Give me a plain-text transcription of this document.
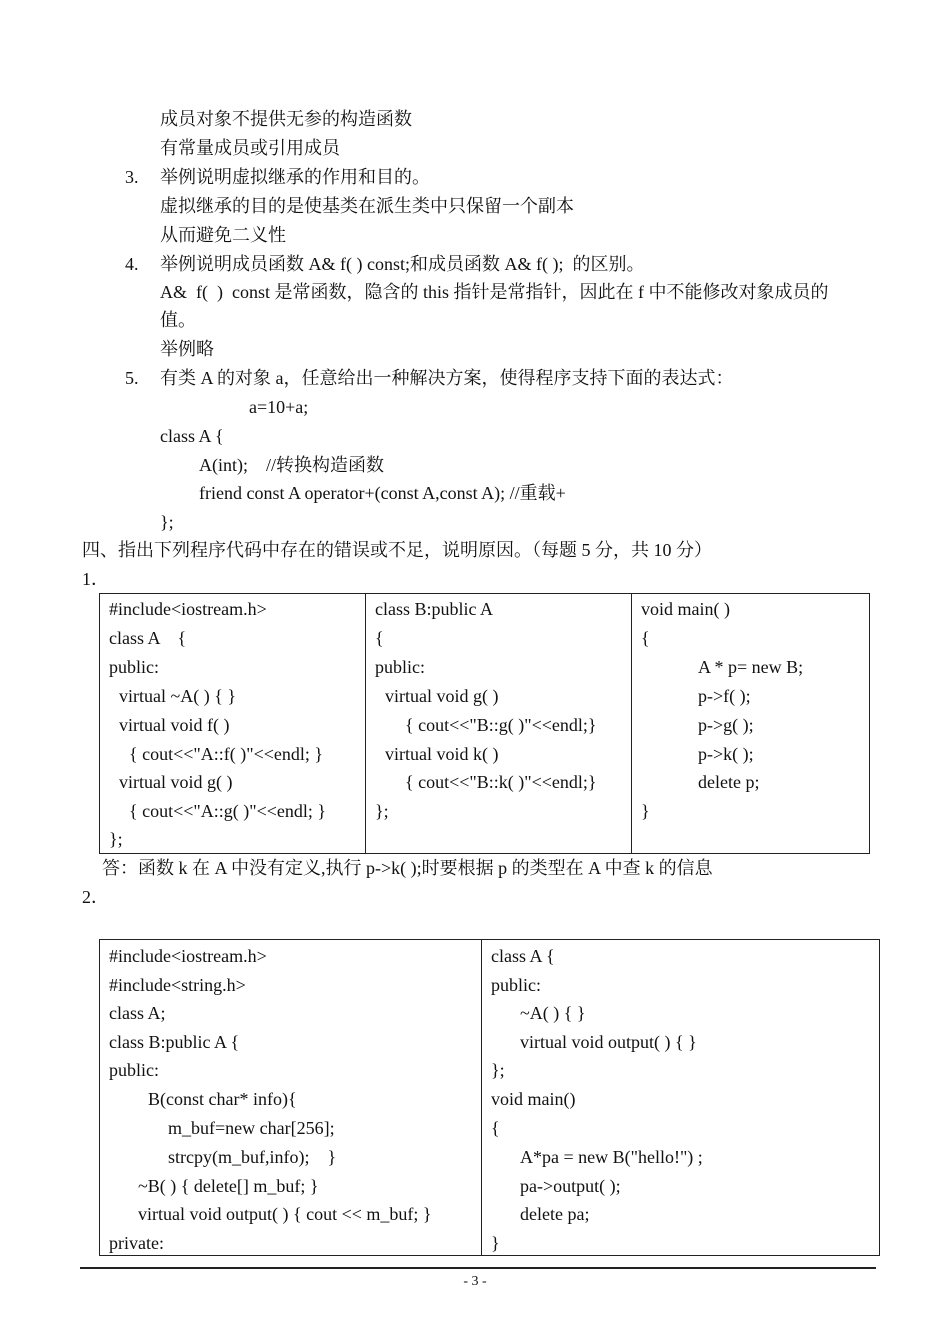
- 3 -
成员对象不提供无参的构造函数
有常量成员或引用成员
3. 举例说明虚拟继承的作用和目的。
虚拟继承的目的是使基类在派生类中只保留一个副本
从而避免二义性
4. 举例说明成员函数 A& f( ) const;和成员函数 A& f( );  的区别。
A&  f(  )  const 是常函数，隐含的 this 指针是常指针，因此在 f 中不能修改对象成员的
值。
举例略
5. 有类 A 的对象 a，任意给出一种解决方案，使得程序支持下面的表达式：
a=10+a;
class A {
A(int);    //转换构造函数
friend const A operator+(const A,const A); //重载+
};
四、指出下列程序代码中存在的错误或不足，说明原因。（每题 5 分，共 10 分）
1．
答：函数 k 在 A 中没有定义,执行 p->k( );时要根据 p 的类型在 A 中查 k 的信息
2．
#include<iostream.h>
class A    {
public:
virtual ~A( ) { }
virtual void f( )
{ cout<<"A::f( )"<<endl; }
virtual void g( )
{ cout<<"A::g( )"<<endl; }
};
class B:public A
{
public:
virtual void g( )
{ cout<<"B::g( )"<<endl;}
virtual void k( )
{ cout<<"B::k( )"<<endl;}
};
void main( )
{
A * p= new B;
p->f( );
p->g( );
p->k( );
delete p;
}
#include<iostream.h>
#include<string.h>
class A;
class B:public A {
public:
B(const char* info){
m_buf=new char[256];
strcpy(m_buf,info);    }
~B( ) { delete[] m_buf; }
virtual void output( ) { cout << m_buf; }
private:
class A {
public:
~A( ) { }
virtual void output( ) { }
};
void main()
{
A*pa = new B("hello!") ;
pa->output( );
delete pa;
}
